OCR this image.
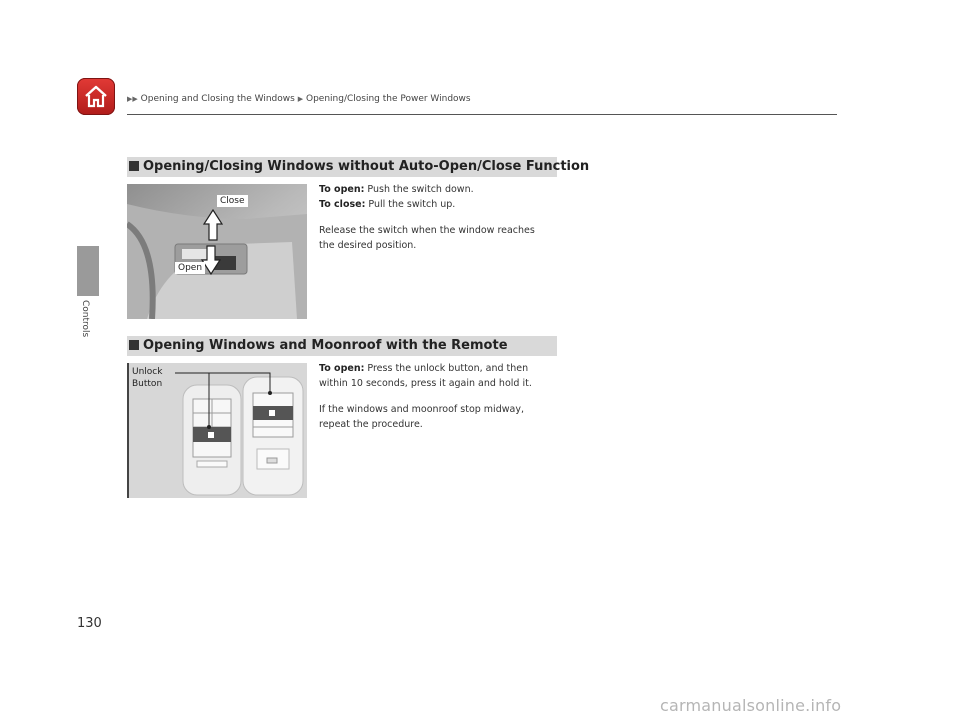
▶▶ Opening and Closing the Windows ▶ Opening/Closing the Power Windows
Controls
Opening/Closing Windows without Auto-Open/Close Function
Close
Open

To open: Push the switch down.

To close: Pull the switch up.

Release the switch when the window reaches
the desired position.

Opening Windows and Moonroof with the Remote
Unlock
Button

To open: Press the unlock button, and then
within 10 seconds, press it again and hold it.

If the windows and moonroof stop midway,
repeat the procedure.

130
carmanualsonline.info
